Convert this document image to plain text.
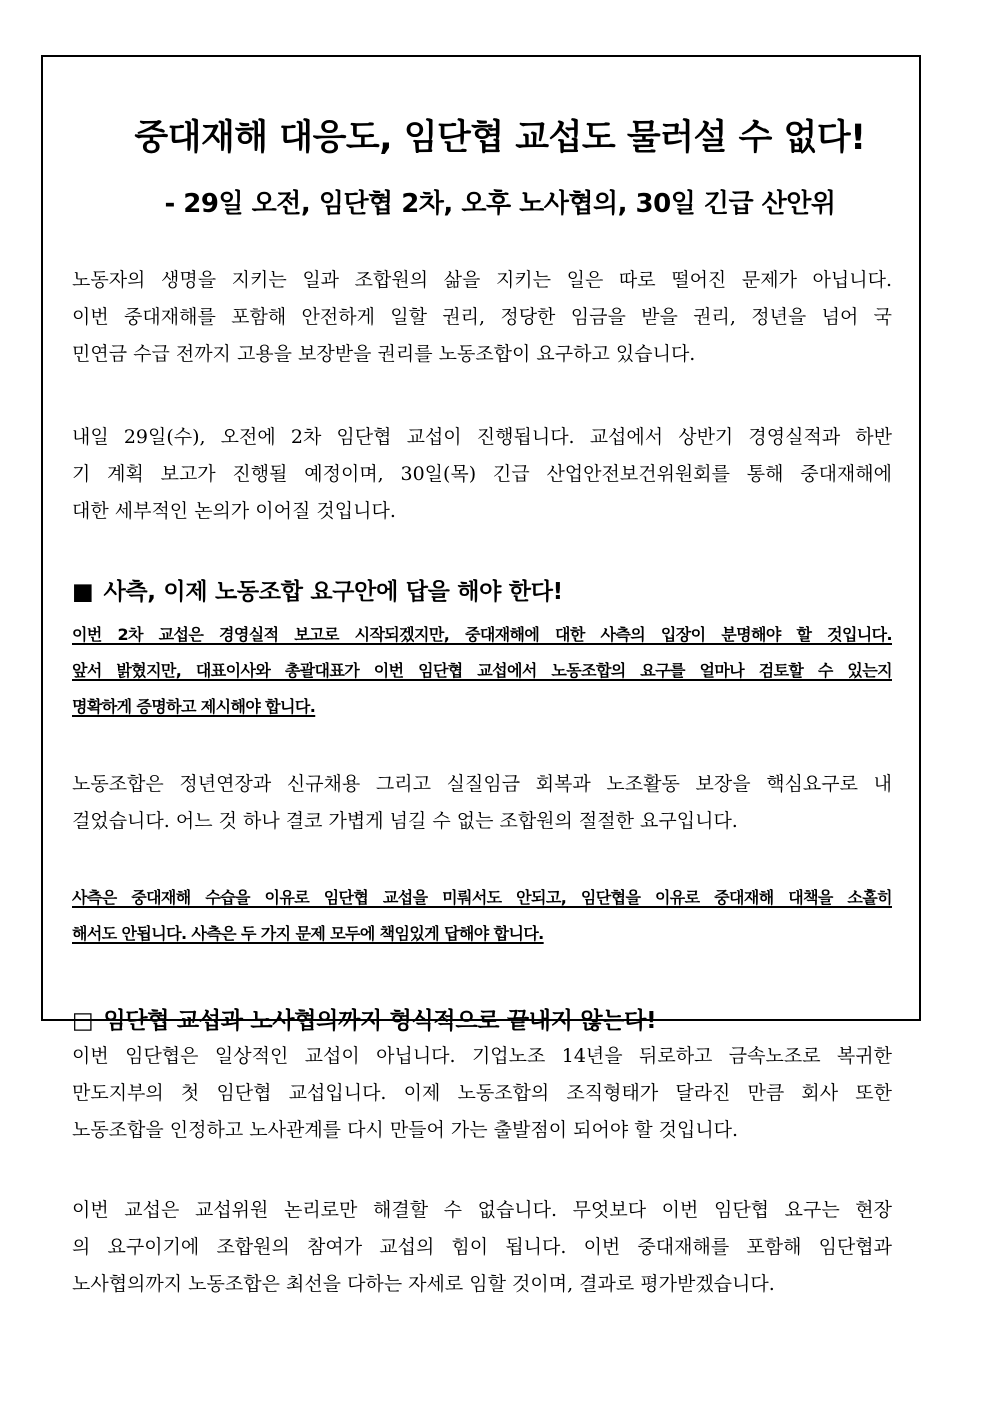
중대재해 대응도, 임단협 교섭도 물러설 수 없다!
- 29일 오전, 임단협 2차, 오후 노사협의, 30일 긴급 산안위
노동자의 생명을 지키는 일과 조합원의 삶을 지키는 일은 따로 떨어진 문제가 아닙니다.
이번 중대재해를 포함해 안전하게 일할 권리, 정당한 임금을 받을 권리, 정년을 넘어 국
민연금 수급 전까지 고용을 보장받을 권리를 노동조합이 요구하고 있습니다.
내일 29일(수), 오전에 2차 임단협 교섭이 진행됩니다. 교섭에서 상반기 경영실적과 하반
기 계획 보고가 진행될 예정이며, 30일(목) 긴급 산업안전보건위원회를 통해 중대재해에
대한 세부적인 논의가 이어질 것입니다.
■ 사측, 이제 노동조합 요구안에 답을 해야 한다!
이번 2차 교섭은 경영실적 보고로 시작되겠지만, 중대재해에 대한 사측의 입장이 분명해야 할 것입니다.
앞서 밝혔지만, 대표이사와 총괄대표가 이번 임단협 교섭에서 노동조합의 요구를 얼마나 검토할 수 있는지
명확하게 증명하고 제시해야 합니다.
노동조합은 정년연장과 신규채용 그리고 실질임금 회복과 노조활동 보장을 핵심요구로 내
걸었습니다. 어느 것 하나 결코 가볍게 넘길 수 없는 조합원의 절절한 요구입니다.
사측은 중대재해 수습을 이유로 임단협 교섭을 미뤄서도 안되고, 임단협을 이유로 중대재해 대책을 소홀히
해서도 안됩니다. 사측은 두 가지 문제 모두에 책임있게 답해야 합니다.
□ 임단협 교섭과 노사협의까지 형식적으로 끝내지 않는다!
이번 임단협은 일상적인 교섭이 아닙니다. 기업노조 14년을 뒤로하고 금속노조로 복귀한
만도지부의 첫 임단협 교섭입니다. 이제 노동조합의 조직형태가 달라진 만큼 회사 또한
노동조합을 인정하고 노사관계를 다시 만들어 가는 출발점이 되어야 할 것입니다.
이번 교섭은 교섭위원 논리로만 해결할 수 없습니다. 무엇보다 이번 임단협 요구는 현장
의 요구이기에 조합원의 참여가 교섭의 힘이 됩니다. 이번 중대재해를 포함해 임단협과
노사협의까지 노동조합은 최선을 다하는 자세로 임할 것이며, 결과로 평가받겠습니다.
